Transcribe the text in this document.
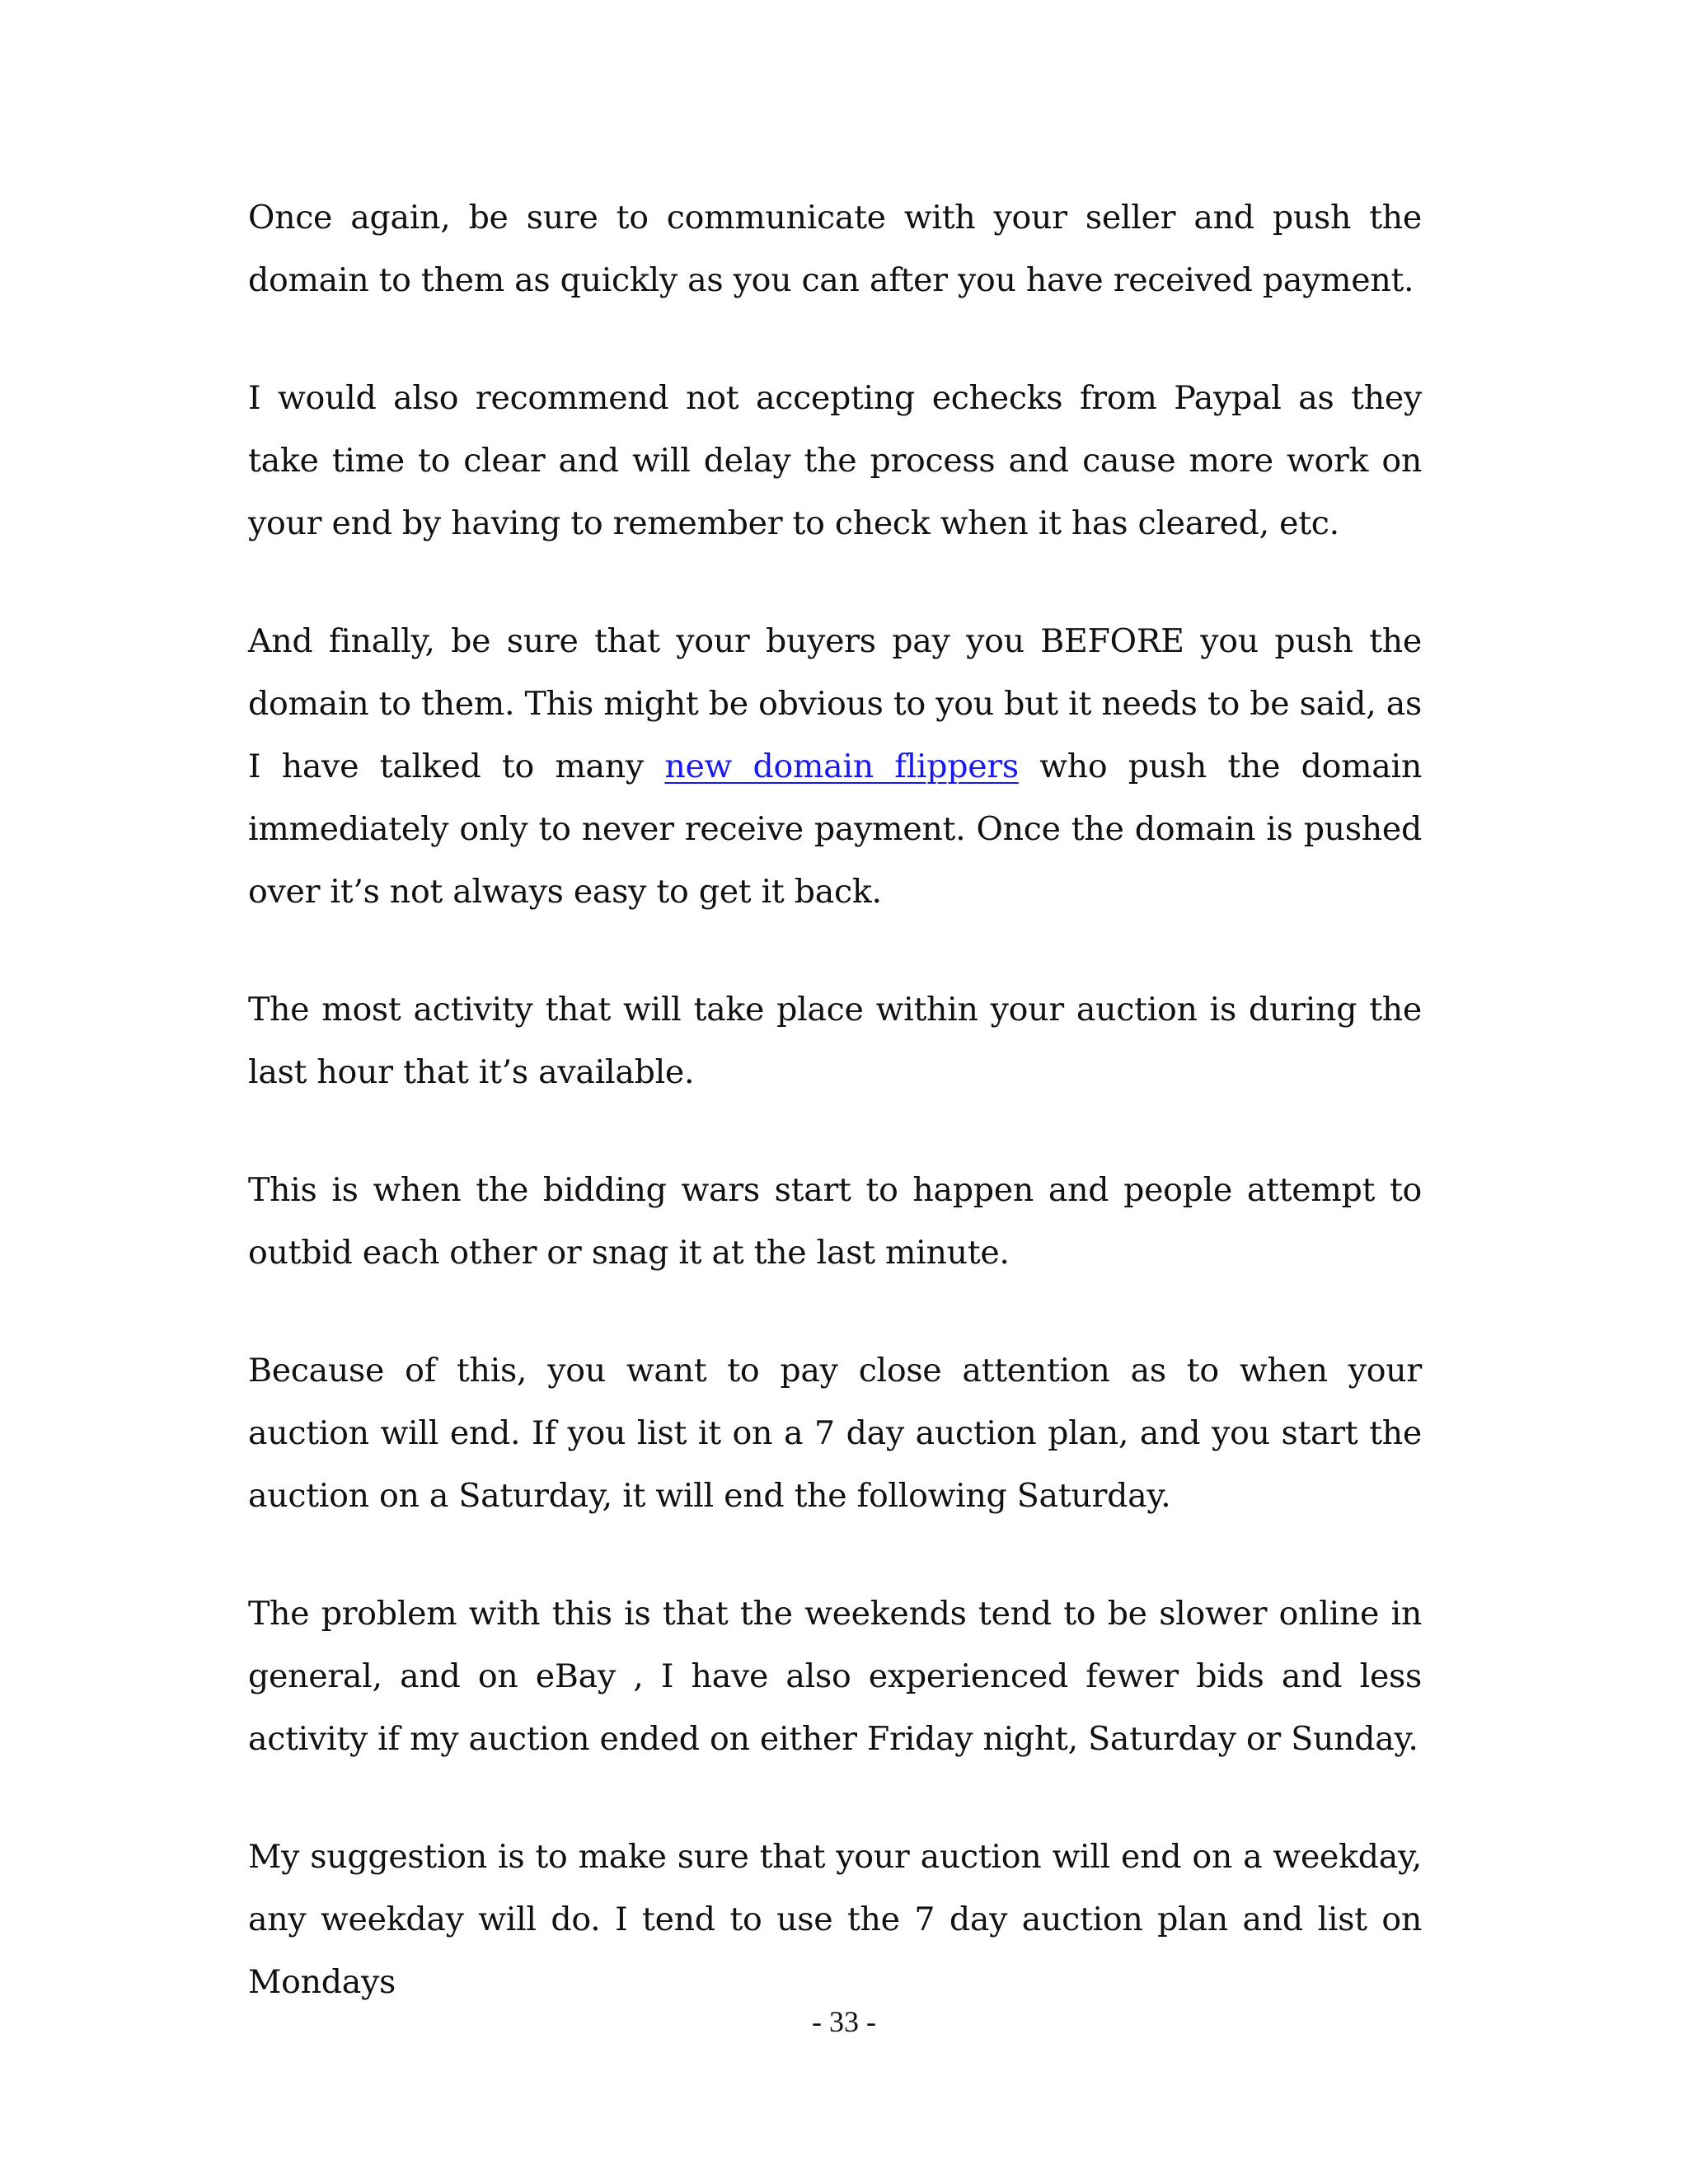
Once again, be sure to communicate with your seller and push the domain to them as quickly as you can after you have received payment.

I would also recommend not accepting echecks from Paypal as they take time to clear and will delay the process and cause more work on your end by having to remember to check when it has cleared, etc.

And finally, be sure that your buyers pay you BEFORE you push the domain to them. This might be obvious to you but it needs to be said, as I have talked to many new domain flippers who push the domain immediately only to never receive payment. Once the domain is pushed over it’s not always easy to get it back.

The most activity that will take place within your auction is during the last hour that it’s available.

This is when the bidding wars start to happen and people attempt to outbid each other or snag it at the last minute.

Because of this, you want to pay close attention as to when your auction will end. If you list it on a 7 day auction plan, and you start the auction on a Saturday, it will end the following Saturday.

The problem with this is that the weekends tend to be slower online in general, and on eBay , I have also experienced fewer bids and less activity if my auction ended on either Friday night, Saturday or Sunday.

My suggestion is to make sure that your auction will end on a weekday, any weekday will do. I tend to use the 7 day auction plan and list on Mondays

- 33 -
